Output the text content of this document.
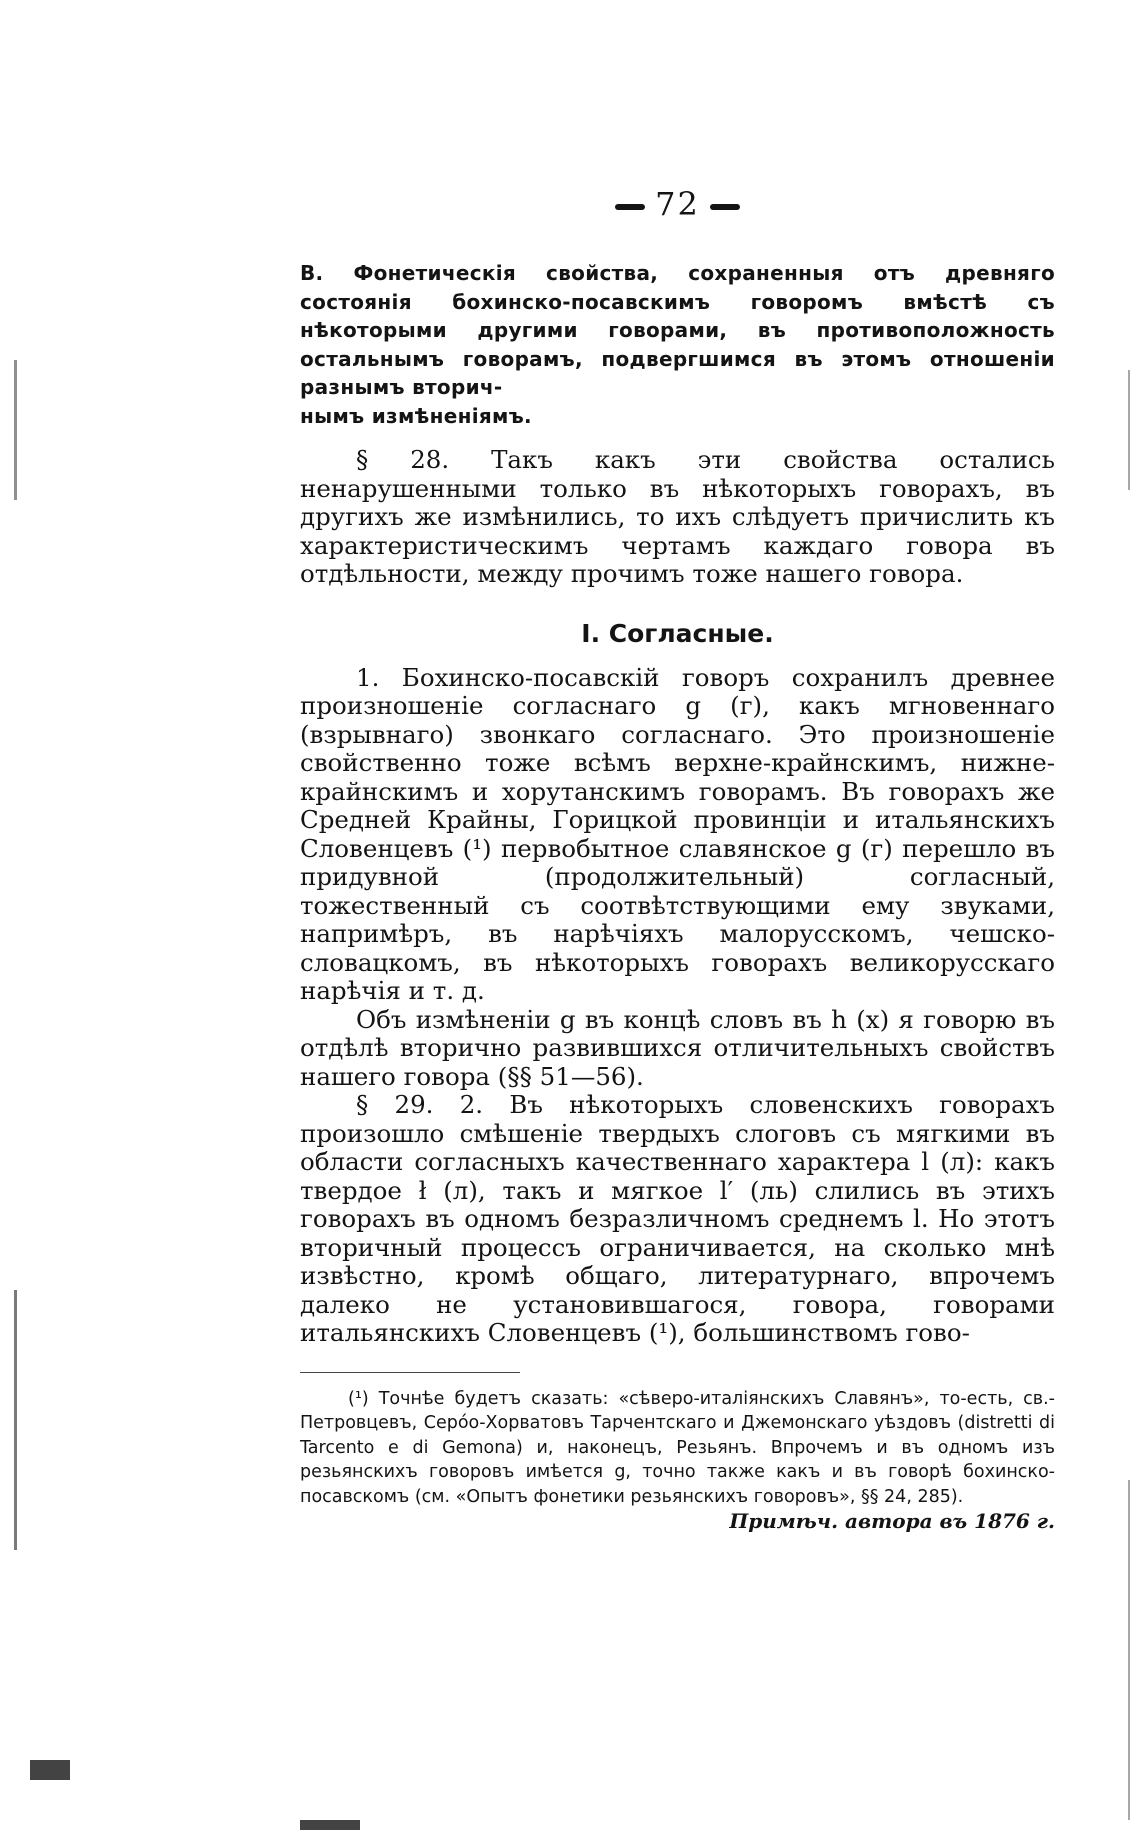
72
B. Фонетическія свойства, сохраненныя отъ древняго состоянія бохинско-посавскимъ говоромъ вмѣстѣ съ нѣкоторыми другими говорами, въ противоположность остальнымъ говорамъ, подвергшимся въ этомъ отношеніи разнымъ вторич-
нымъ измѣненіямъ.

§ 28. Такъ какъ эти свойства остались ненарушенными только въ нѣкоторыхъ говорахъ, въ другихъ же измѣнились, то ихъ слѣдуетъ причислить къ характеристическимъ чертамъ каждаго говора въ отдѣльности, между прочимъ тоже нашего говора.

I. Согласные.

1. Бохинско-посавскій говоръ сохранилъ древнее произношеніе согласнаго g (г), какъ мгновеннаго (взрывнаго) звонкаго согласнаго. Это произношеніе свойственно тоже всѣмъ верхне-крайнскимъ, нижне-крайнскимъ и хорутанскимъ говорамъ. Въ говорахъ же Средней Крайны, Горицкой провинціи и итальянскихъ Словенцевъ (¹) первобытное славянское g (г) перешло въ придувной (продолжительный) согласный, тожественный съ соотвѣтствующими ему звуками, напримѣръ, въ нарѣчіяхъ малорусскомъ, чешско-словацкомъ, въ нѣкоторыхъ говорахъ великорусскаго нарѣчія и т. д.

Объ измѣненіи g въ концѣ словъ въ h (х) я говорю въ отдѣлѣ вторично развившихся отличительныхъ свойствъ нашего говора (§§ 51—56).

§ 29. 2. Въ нѣкоторыхъ словенскихъ говорахъ произошло смѣшеніе твердыхъ слоговъ съ мягкими въ области согласныхъ качественнаго характера l (л): какъ твердое ł (л), такъ и мягкое l′ (ль) слились въ этихъ говорахъ въ одномъ безразличномъ среднемъ l. Но этотъ вторичный процессъ ограничивается, на сколько мнѣ извѣстно, кромѣ общаго, литературнаго, впрочемъ далеко не установившагося, говора, говорами итальянскихъ Словенцевъ (¹), большинствомъ гово-

(¹) Точнѣе будетъ сказать: «сѣверо-италіянскихъ Славянъ», то-есть, св.-Петровцевъ, Серόо-Хорватовъ Тарчентскаго и Джемонскаго уѣздовъ (distretti di Tarcento e di Gemona) и, наконецъ, Резьянъ. Впрочемъ и въ одномъ изъ резьянскихъ говоровъ имѣется g, точно также какъ и въ говорѣ бохинско-посавскомъ (см. «Опытъ фонетики резьянскихъ говоровъ», §§ 24, 285).
Примѣч. автора въ 1876 г.
